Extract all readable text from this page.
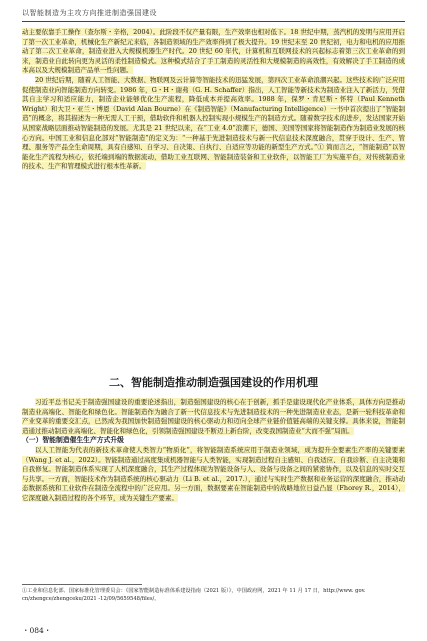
以智能制造为主攻方向推进制造强国建设

动主要依靠手工操作（查尔斯・辛格，2004）。此阶段不仅产量有限，生产效率也相对低下。18 世纪中期，蒸汽机的发明与应用开启了第一次工业革命，机械化生产新纪元来临，各制造领域的生产效率得到了极大提升。19 世纪末至 20 世纪初，电力和电机的应用推动了第二次工业革命，制造业进入大规模机器生产时代。20 世纪 60 年代，计算机和互联网技术的兴起标志着第三次工业革命的到来，制造业自此转向更为灵活的柔性制造模式。这种模式结合了手工制造的灵活性和大规模制造的高效性，有效解决了手工制造的成本高以及大规模制造产品单一性问题。

20 世纪后期，随着人工智能、大数据、物联网及云计算等智能技术的迅猛发展，第四次工业革命浪潮兴起。这些技术的广泛应用促使制造业向智能制造方向转变。1986 年，G・H・谢弗（G. H. Schaffer）指出，人工智能等新技术为制造业注入了新活力，凭借其自主学习和适应能力，制造企业能够优化生产流程，降低成本并提高效率。1988 年，保罗・肯尼斯・怀特（Paul Kenneth Wright）和大卫・亚兰・博恩（David Alan Bourne）在《制造智能》（Manufacturing Intelligence）一书中首次提出了“智能制造”的概念，将其描述为一种无需人工干预，借助软件和机器人控制实现小规模生产的制造方式。随着数字技术的进步，发达国家开始从国家战略层面推动智能制造的发展。尤其是 21 世纪以来，在“工业 4.0”浪潮下，德国、美国等国家将智能制造作为制造业发展的核心方向。中国工业和信息化部对“智能制造”的定义为：“一种基于先进制造技术与新一代信息技术深度融合，贯穿于设计、生产、管理、服务等产品全生命周期，具有自感知、自学习、自决策、自执行、自适应等功能的新型生产方式。”① 简而言之，“智能制造”以智能化生产流程为核心，依托端到端的数据流动，借助工业互联网、智能制造装备和工业软件，以智能工厂为实施平台，对传统制造业的技术、生产和管理模式进行根本性革新。

二、智能制造推动制造强国建设的作用机理

习近平总书记关于制造强国建设的重要论述指出，制造强国建设的核心在于创新，抓手是建设现代化产业体系，具体方向是推动制造业高端化、智能化和绿色化。智能制造作为融合了新一代信息技术与先进制造技术的一种先进制造业业态，是新一轮科技革命和产业变革的重要交汇点，已然成为我国加快制造强国建设的核心驱动力和迈向全球产业链价值链高端的关键支撑。具体来说，智能制造通过推动制造业高端化、智能化和绿色化，引领制造强国建设不断迈上新台阶，改变我国制造业“大而不强”局面。

（一）智能制造催生生产方式升级

以人工智能为代表的新技术革命使人类智力“物质化”，将智能制造系统应用于制造业领域，成为提升全要素生产率的关键要素（Wang J. et al.，2022）。智能制造通过高度集成机器智能与人类智能，实现制造过程自主感知、自我适应、自我诊断、自主决策和自我修复。智能制造体系实现了人机深度融合，其生产过程体现为智能设备与人、设备与设备之间的紧密协作，以及信息的实时交互与共享。一方面，智能技术作为制造系统的核心驱动力（Li B. et al.，2017.），通过与实时生产数据和业务运营的深度融合，推动动态数据系统和工业软件在制造全流程中的广泛应用。另一方面，数据要素在智能制造中的战略地位日益凸显（Fhorey R.，2014），它深度融入制造过程的各个环节，成为关键生产要素。

①工业和信息化部、国家标准化管理委员会：《国家智能制造标准体系建设指南（2021 版）》，中国政府网，2021 年 11 月 17 日，http://www. gov. cn/zhengce/zhengceku/2021 -12/09/5659548/files/。
・084・
